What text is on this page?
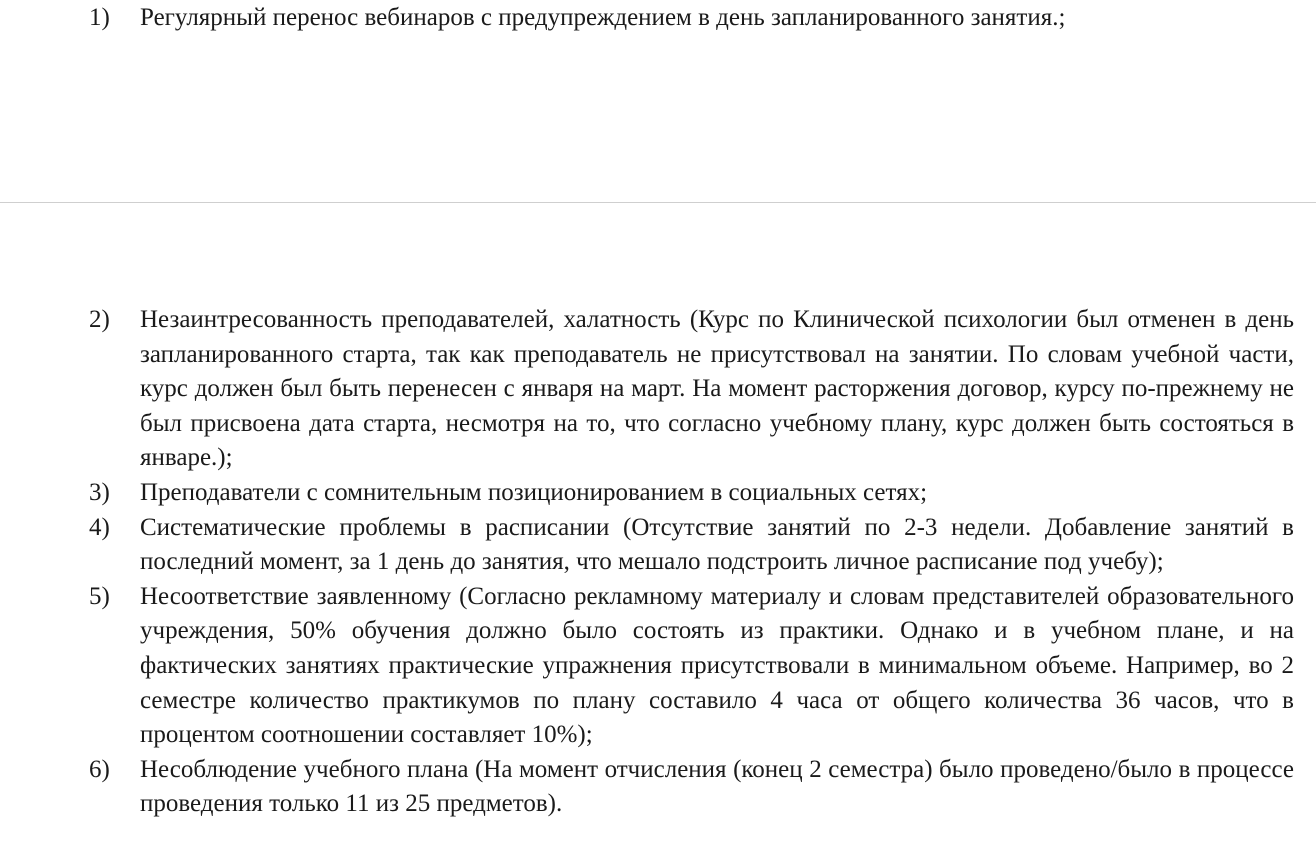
1)	Регулярный перенос вебинаров с предупреждением в день запланированного занятия.;
2)	Незаинтресованность преподавателей, халатность (Курс по Клинической психологии был отменен в день запланированного старта, так как преподаватель не присутствовал на занятии. По словам учебной части, курс должен был быть перенесен с января на март. На момент расторжения договор, курсу по-прежнему не был присвоена дата старта, несмотря на то, что согласно учебному плану, курс должен быть состояться в январе.);
3)	Преподаватели с сомнительным позиционированием в социальных сетях;
4)	Систематические проблемы в расписании (Отсутствие занятий по 2-3 недели. Добавление занятий в последний момент, за 1 день до занятия, что мешало подстроить личное расписание под учебу);
5)	Несоответствие заявленному (Согласно рекламному материалу и словам представителей образовательного учреждения, 50% обучения должно было состоять из практики. Однако и в учебном плане, и на фактических занятиях практические упражнения присутствовали в минимальном объеме. Например, во 2 семестре количество практикумов по плану составило 4 часа от общего количества 36 часов, что в процентом соотношении составляет 10%);
6)	Несоблюдение учебного плана (На момент отчисления (конец 2 семестра) было проведено/было в процессе проведения только 11 из 25 предметов).
